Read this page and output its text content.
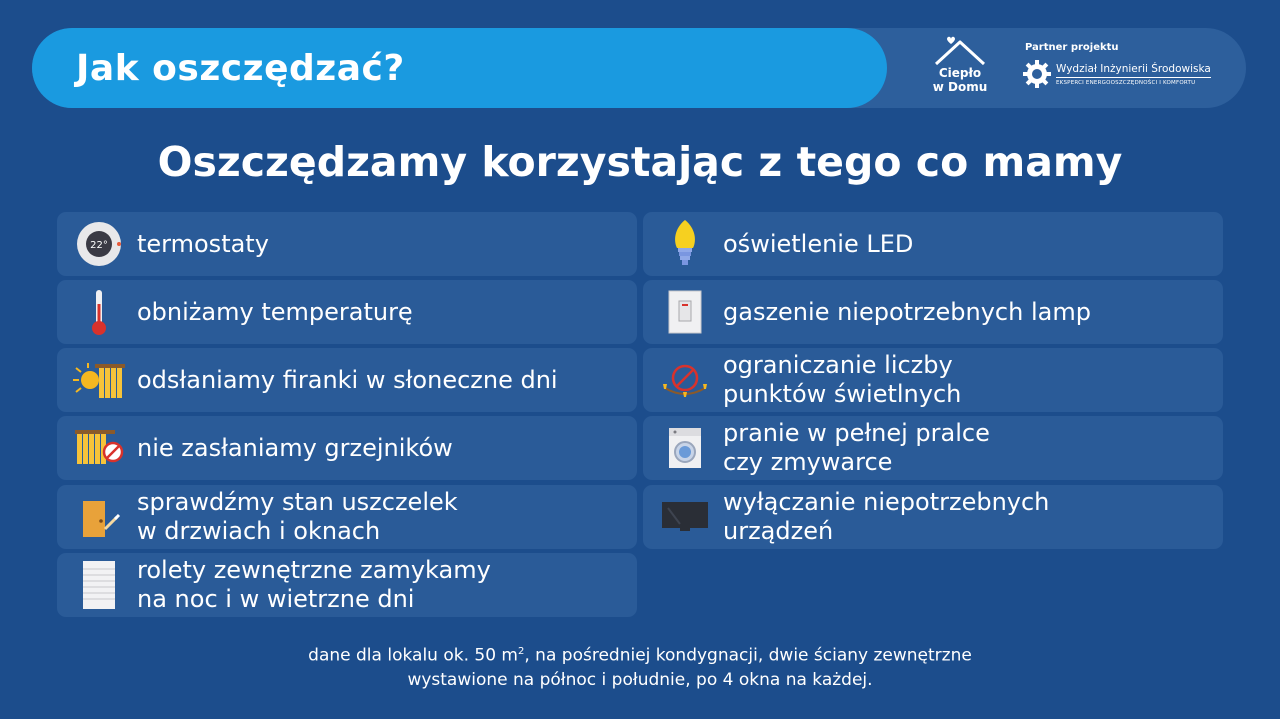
Jak oszczędzać?	Ciepło
w Domu
Partner projektu
Wydział Inżynierii Środowiska
EKSPERCI ENERGOOSZCZĘDNOŚCI I KOMFORTU
Oszczędzamy korzystając z tego co mamy
22° termostaty
obniżamy temperaturę
odsłaniamy firanki w słoneczne dni
nie zasłaniamy grzejników
sprawdźmy stan uszczelek
w drzwiach i oknach
rolety zewnętrzne zamykamy
na noc i w wietrzne dni
oświetlenie LED
gaszenie niepotrzebnych lamp
ograniczanie liczby
punktów świetlnych
pranie w pełnej pralce
czy zmywarce
wyłączanie niepotrzebnych
urządzeń
dane dla lokalu ok. 50 $m^2$, na pośredniej kondygnacji, dwie ściany zewnętrzne
wystawione na północ i południe, po 4 okna na każdej.
